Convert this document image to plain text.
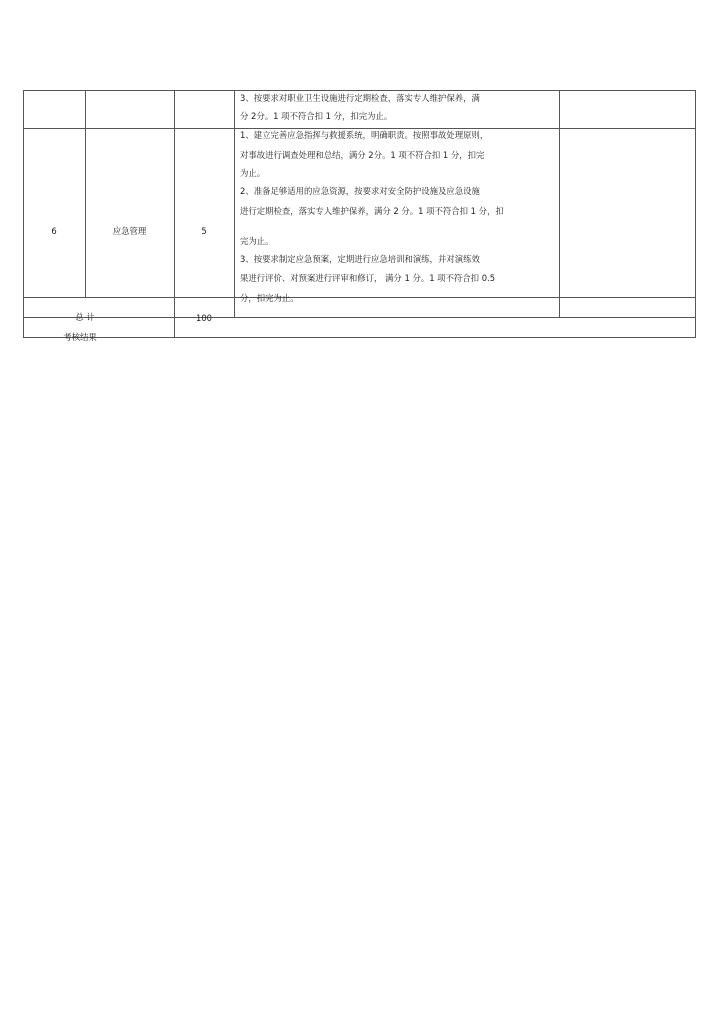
3、按要求对职业卫生设施进行定期检查，落实专人维护保养，满
分 2分。1 项不符合扣 1 分，扣完为止。
6	应急管理	5
1、建立完善应急指挥与救援系统，明确职责。按照事故处理原则，
对事故进行调查处理和总结，满分 2分。1 项不符合扣 1 分，扣完
为止。
2、准备足够适用的应急资源，按要求对安全防护设施及应急设施
进行定期检查，落实专人维护保养，满分 2 分。1 项不符合扣 1 分，扣
完为止。
3、按要求制定应急预案，定期进行应急培训和演练，并对演练效
果进行评价、对预案进行评审和修订， 满分 1 分。1 项不符合扣 0.5
分，扣完为止。
总 计	100
考核结果
